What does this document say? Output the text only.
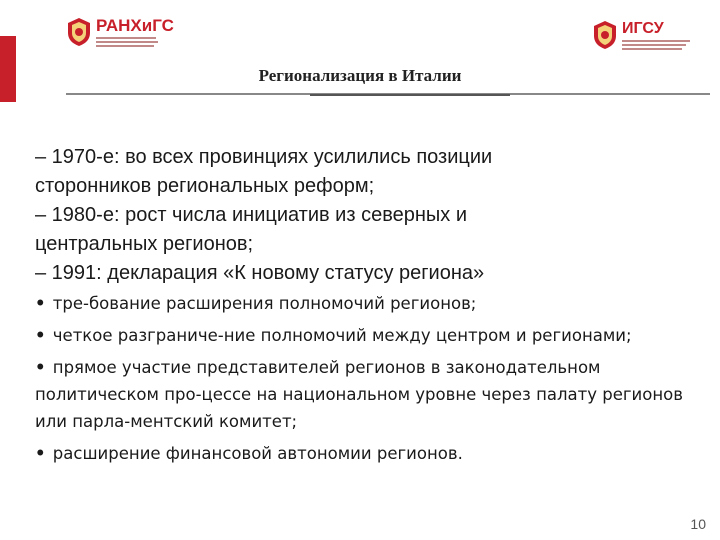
РАНХиГС	ИГСУ
Регионализация в Италии
– 1970-е: во всех провинциях усилились позиции
сторонников региональных реформ;
– 1980-е: рост числа инициатив из северных и
центральных регионов;
– 1991: декларация «К новому статусу региона»
• тре-бование расширения полномочий регионов;
• четкое разграниче-ние полномочий между центром и регионами;
• прямое участие представителей регионов в законодательном политическом про-цессе на национальном уровне через палату регионов или парла-ментский комитет;
• расширение финансовой автономии регионов.
10
